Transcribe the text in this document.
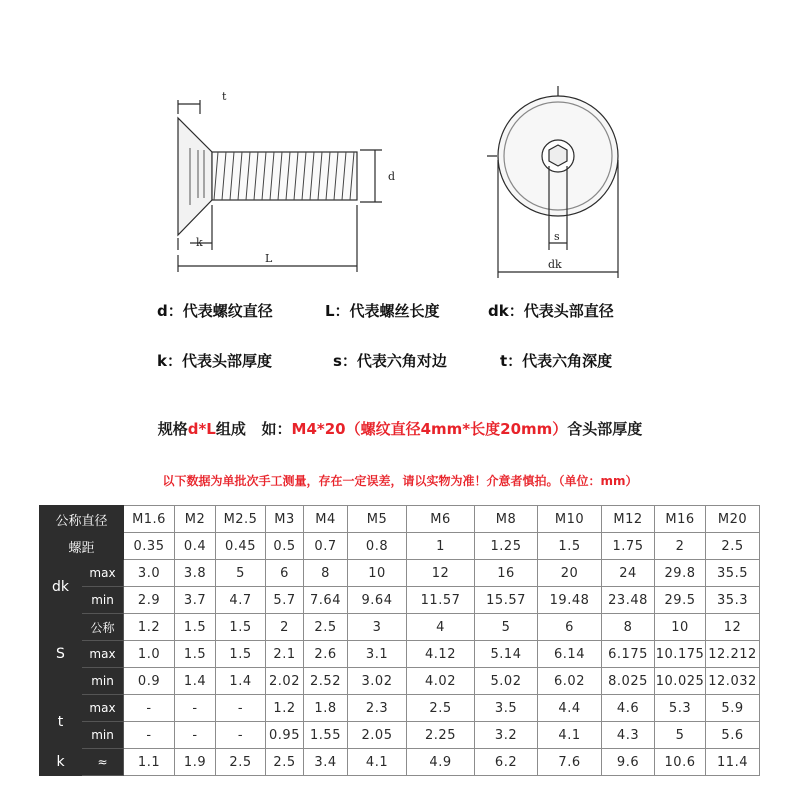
t
d
k
L
s
dk
d：代表螺纹直径	L：代表螺丝长度	dk：代表头部直径
k：代表头部厚度	s：代表六角对边	t：代表六角深度
规格d*L组成   如：M4*20（螺纹直径4mm*长度20mm）含头部厚度
以下数据为单批次手工测量，存在一定误差，请以实物为准！介意者慎拍。（单位：mm）
公称直径		M1.6	M2	M2.5	M3	M4	M5	M6	M8	M10	M12	M16	M20
螺距		0.35	0.4	0.45	0.5	0.7	0.8	1	1.25	1.5	1.75	2	2.5
dk	max	3.0	3.8	5	6	8	10	12	16	20	24	29.8	35.5
	min	2.9	3.7	4.7	5.7	7.64	9.64	11.57	15.57	19.48	23.48	29.5	35.3
S	公称	1.2	1.5	1.5	2	2.5	3	4	5	6	8	10	12
	max	1.0	1.5	1.5	2.1	2.6	3.1	4.12	5.14	6.14	6.175	10.175	12.212
	min	0.9	1.4	1.4	2.02	2.52	3.02	4.02	5.02	6.02	8.025	10.025	12.032
t	max	-	-	-	1.2	1.8	2.3	2.5	3.5	4.4	4.6	5.3	5.9
	min	-	-	-	0.95	1.55	2.05	2.25	3.2	4.1	4.3	5	5.6
k	≈	1.1	1.9	2.5	2.5	3.4	4.1	4.9	6.2	7.6	9.6	10.6	11.4
